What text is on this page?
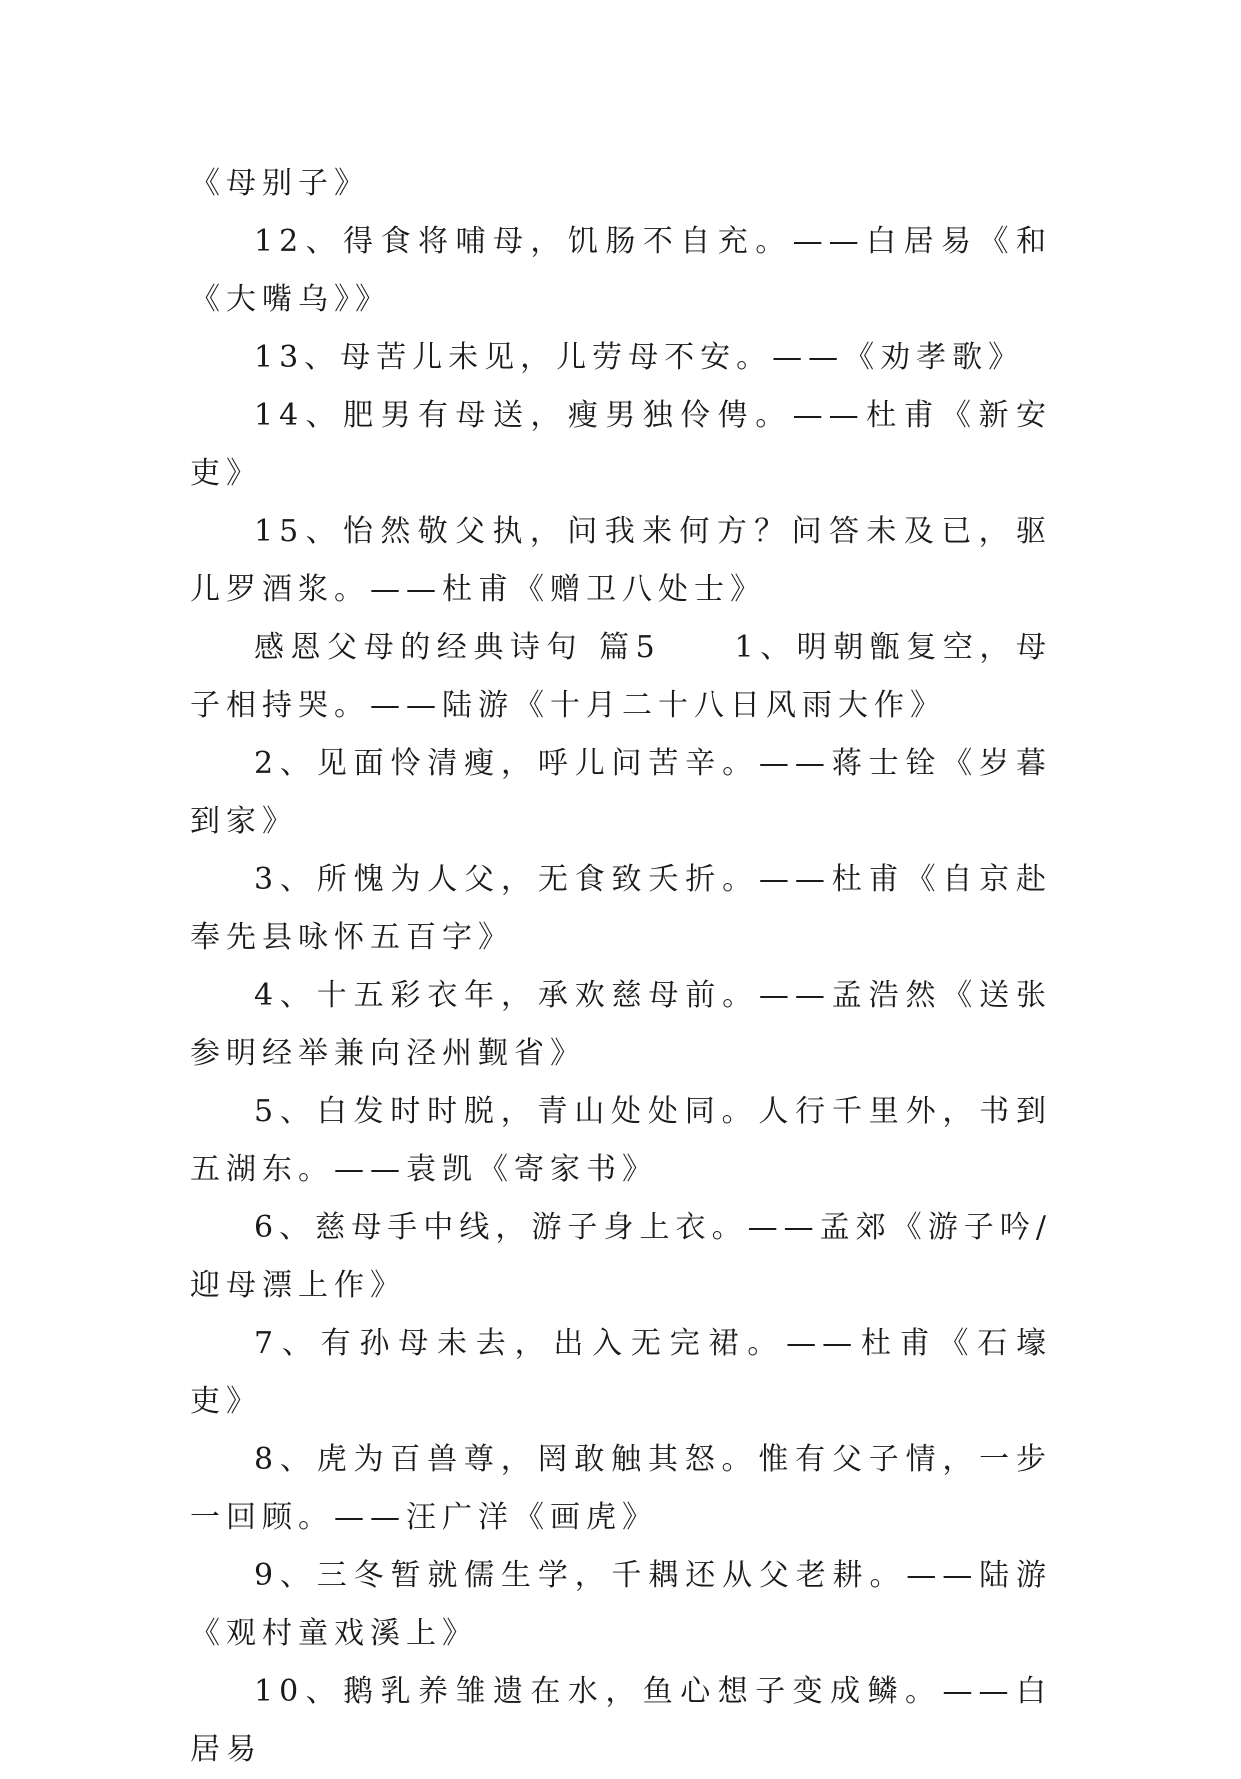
《母别子》

12、得食将哺母，饥肠不自充。——白居易《和《大嘴乌》》

13、母苦儿未见，儿劳母不安。——《劝孝歌》

14、肥男有母送，瘦男独伶俜。——杜甫《新安吏》

15、怡然敬父执，问我来何方？问答未及已，驱儿罗酒浆。——杜甫《赠卫八处士》

感恩父母的经典诗句 篇5　　1、明朝甑复空，母子相持哭。——陆游《十月二十八日风雨大作》

2、见面怜清瘦，呼儿问苦辛。——蒋士铨《岁暮到家》

3、所愧为人父，无食致夭折。——杜甫《自京赴奉先县咏怀五百字》

4、十五彩衣年，承欢慈母前。——孟浩然《送张参明经举兼向泾州觐省》

5、白发时时脱，青山处处同。人行千里外，书到五湖东。——袁凯《寄家书》

6、慈母手中线，游子身上衣。——孟郊《游子吟/迎母漂上作》

7、有孙母未去，出入无完裙。——杜甫《石壕吏》

8、虎为百兽尊，罔敢触其怒。惟有父子情，一步一回顾。——汪广洋《画虎》

9、三冬暂就儒生学，千耦还从父老耕。——陆游《观村童戏溪上》

10、鹅乳养雏遗在水，鱼心想子变成鳞。——白居易
